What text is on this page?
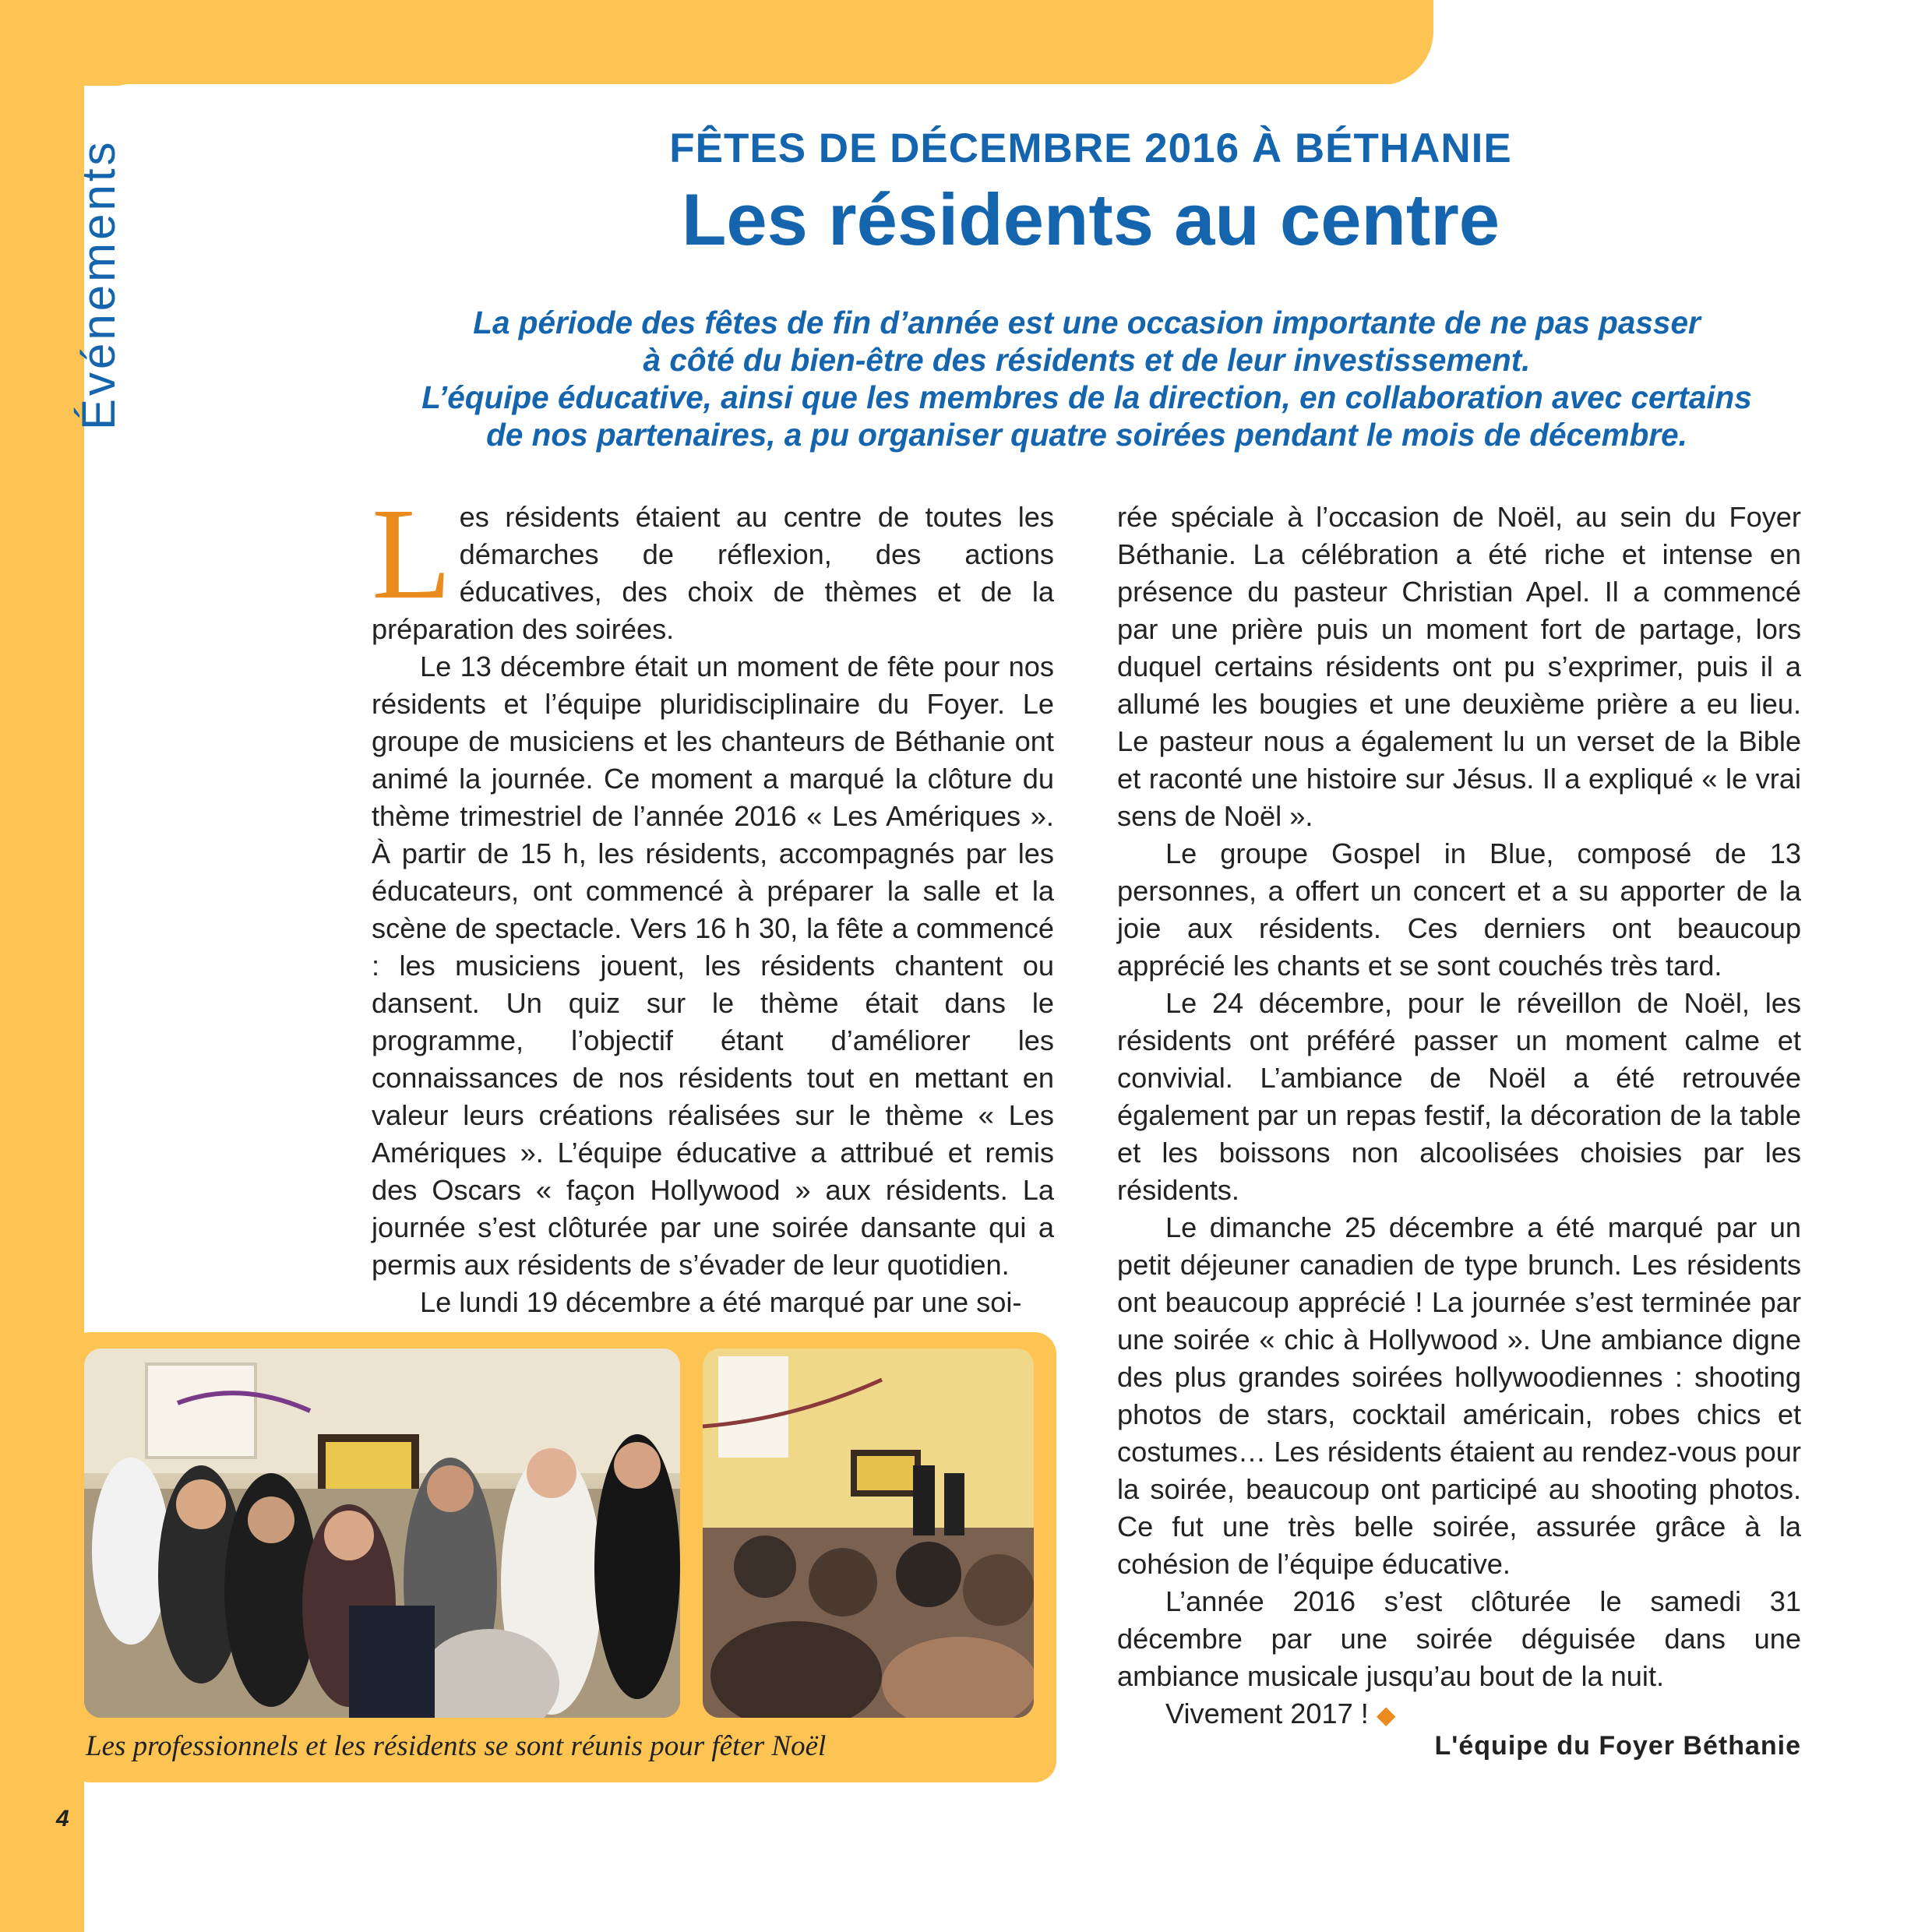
Événements	FÊTES DE DÉCEMBRE 2016 À BÉTHANIE
Les résidents au centre

La période des fêtes de fin d’année est une occasion importante de ne pas passer

à côté du bien-être des résidents et de leur investissement.

L’équipe éducative, ainsi que les membres de la direction, en collaboration avec certains

de nos partenaires, a pu organiser quatre soirées pendant le mois de décembre.

Les résidents étaient au centre de toutes les démarches de réflexion, des actions éducatives, des choix de thèmes et de la préparation des soirées.

Le 13 décembre était un moment de fête pour nos résidents et l’équipe pluridisciplinaire du Foyer. Le groupe de musiciens et les chanteurs de Béthanie ont animé la journée. Ce moment a marqué la clôture du thème trimestriel de l’année 2016 « Les Amériques ». À partir de 15 h, les résidents, accompagnés par les éducateurs, ont commencé à préparer la salle et la scène de spectacle. Vers 16 h 30, la fête a commencé : les musiciens jouent, les résidents chantent ou dansent. Un quiz sur le thème était dans le programme, l’objectif étant d’améliorer les connaissances de nos résidents tout en mettant en valeur leurs créations réalisées sur le thème « Les Amériques ». L’équipe éducative a attribué et remis des Oscars « façon Hollywood » aux résidents. La journée s’est clôturée par une soirée dansante qui a permis aux résidents de s’évader de leur quotidien.

Le lundi 19 décembre a été marqué par une soi-

rée spéciale à l’occasion de Noël, au sein du Foyer Béthanie. La célébration a été riche et intense en présence du pasteur Christian Apel. Il a commencé par une prière puis un moment fort de partage, lors duquel certains résidents ont pu s’exprimer, puis il a allumé les bougies et une deuxième prière a eu lieu. Le pasteur nous a également lu un verset de la Bible et raconté une histoire sur Jésus. Il a expliqué « le vrai sens de Noël ».

Le groupe Gospel in Blue, composé de 13 personnes, a offert un concert et a su apporter de la joie aux résidents. Ces derniers ont beaucoup apprécié les chants et se sont couchés très tard.

Le 24 décembre, pour le réveillon de Noël, les résidents ont préféré passer un moment calme et convivial. L’ambiance de Noël a été retrouvée également par un repas festif, la décoration de la table et les boissons non alcoolisées choisies par les résidents.

Le dimanche 25 décembre a été marqué par un petit déjeuner canadien de type brunch. Les résidents ont beaucoup apprécié ! La journée s’est terminée par une soirée « chic à Hollywood ». Une ambiance digne des plus grandes soirées hollywoodiennes : shooting photos de stars, cocktail américain, robes chics et costumes… Les résidents étaient au rendez-vous pour la soirée, beaucoup ont participé au shooting photos. Ce fut une très belle soirée, assurée grâce à la cohésion de l’équipe éducative.

L’année 2016 s’est clôturée le samedi 31 décembre par une soirée déguisée dans une ambiance musicale jusqu’au bout de la nuit.

Vivement 2017 ! ◆

L'équipe du Foyer Béthanie
Les professionnels et les résidents se sont réunis pour fêter Noël
4
